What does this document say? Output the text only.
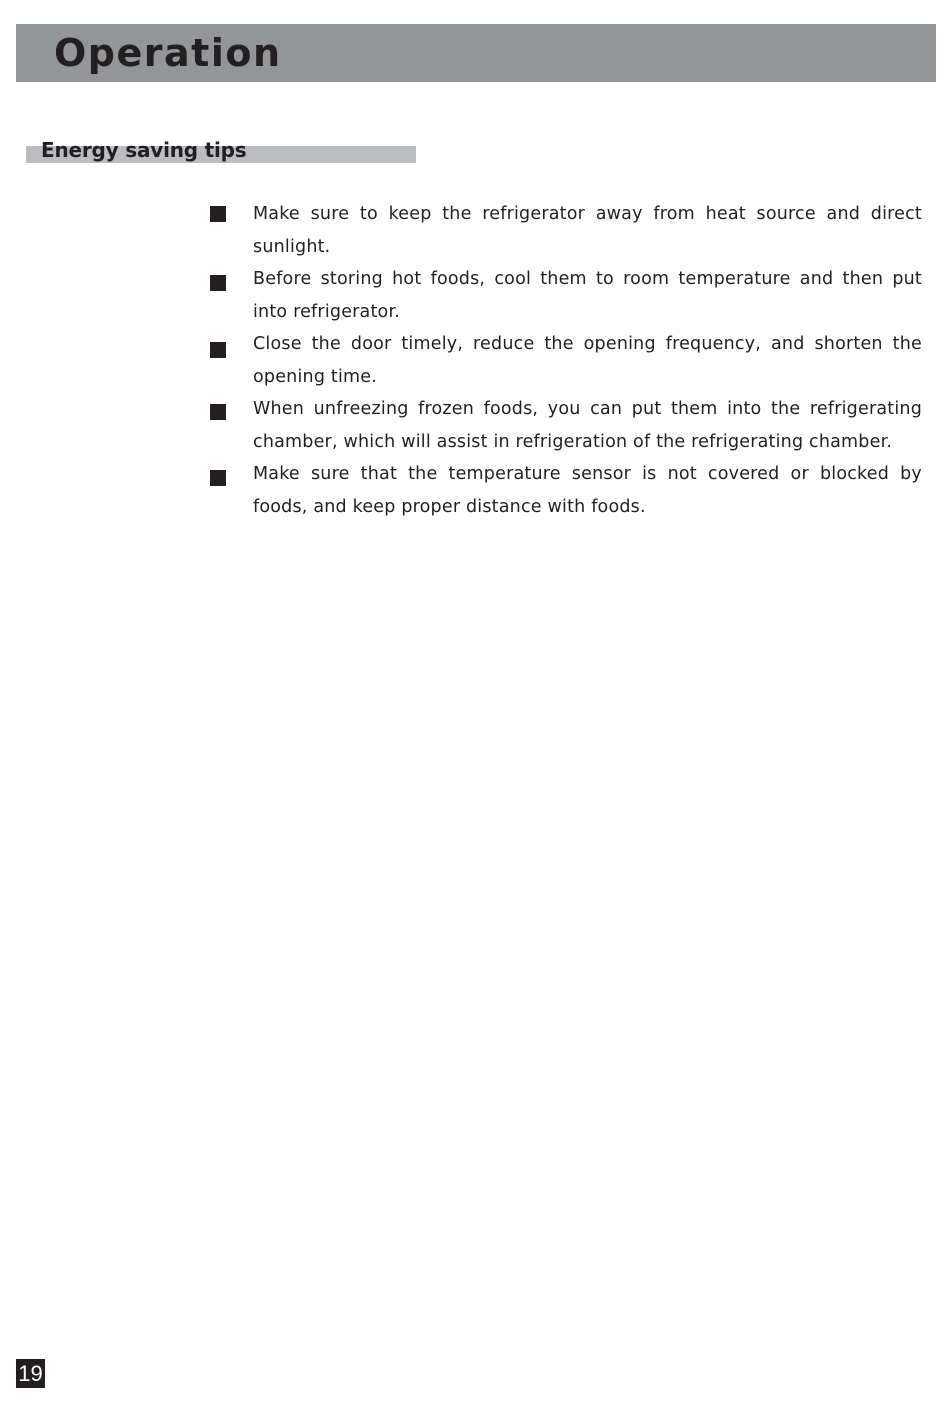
Operation
Energy saving tips
Make sure to keep the refrigerator away from heat source and direct sunlight.
Before storing hot foods, cool them to room temperature and then put into refrigerator.
Close the door timely, reduce the opening frequency, and shorten the opening time.
When unfreezing frozen foods, you can put them into the refrigerating chamber, which will assist in refrigeration of the refrigerating chamber.
Make sure that the temperature sensor is not covered or blocked by foods, and keep proper distance with foods.
19
